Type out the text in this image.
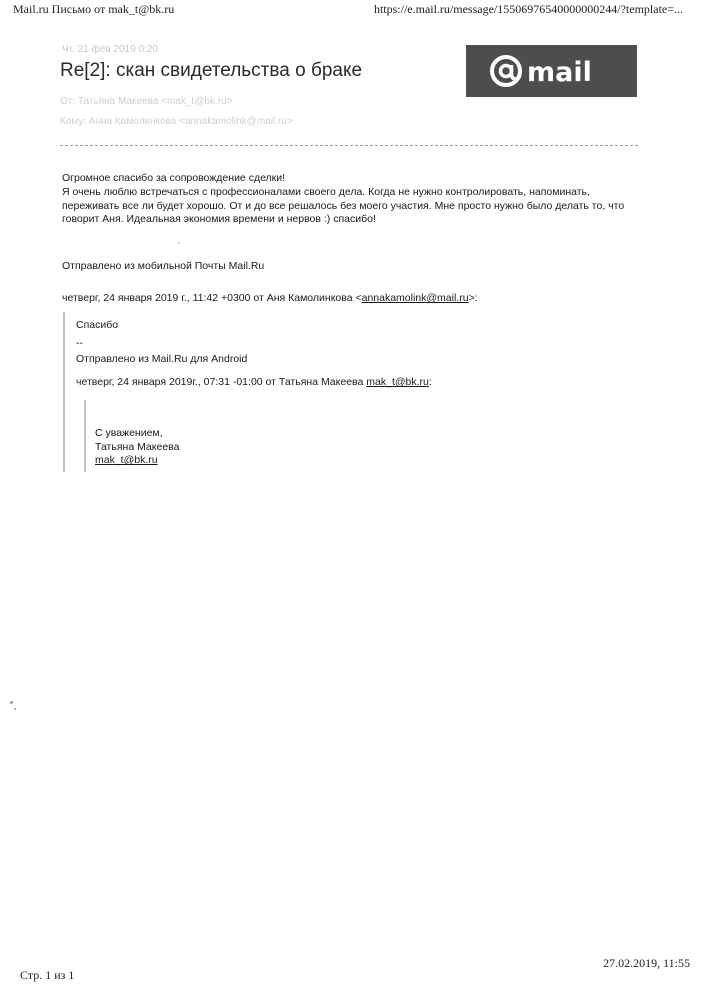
Mail.ru Письмо от mak_t@bk.ru	https://e.mail.ru/message/15506976540000000244/?template=...
Чт, 21 фев 2019 0:20
Re[2]: скан свидетельства о браке	mail
От: Татьяна Макеева <mak_t@bk.ru>
Кому: Анна Камолинкова <annakamolink@mail.ru>

Огромное спасибо за сопровождение сделки!

Я очень люблю встречаться с профессионалами своего дела. Когда не нужно контролировать, напоминать, переживать все ли будет хорошо. От и до все решалось без моего участия. Мне просто нужно было делать то, что говорит Аня. Идеальная экономия времени и нервов :) спасибо!

Отправлено из мобильной Почты Mail.Ru
четверг, 24 января 2019 г., 11:42 +0300 от Аня Камолинкова <annakamolink@mail.ru>:
Спасибо
--
Отправлено из Mail.Ru для Android
четверг, 24 января 2019г., 07:31 -01:00 от Татьяна Макеева mak_t@bk.ru:
С уважением,
Татьяна Макеева
mak_t@bk.ru
Стр. 1 из 1
27.02.2019, 11:55
